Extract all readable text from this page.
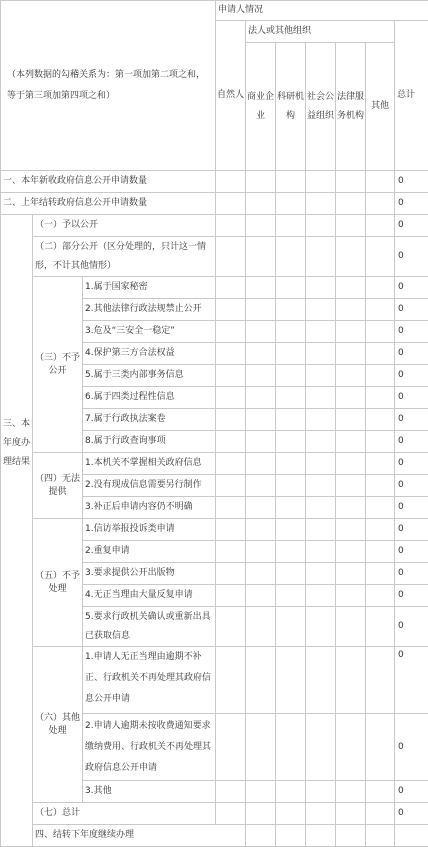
（本列数据的勾稽关系为：第一项加第二项之和，等于第三项加第四项之和）			申请人情况							
			自然人	法人或其他组织					总计	
				商业企业	科研机构	社会公益组织	法律服务机构	其他		
一、本年新收政府信息公开申请数量									0	
二、上年结转政府信息公开申请数量									0	
三、本年度办理结果	（一）予以公开								0	
	（二）部分公开（区分处理的，只计这一情形，不计其他情形）								0	
	（三）不予公开	1.属于国家秘密							0	
		2.其他法律行政法规禁止公开							0	
		3.危及“三安全一稳定”							0	
		4.保护第三方合法权益							0	
		5.属于三类内部事务信息							0	
		6.属于四类过程性信息							0	
		7.属于行政执法案卷							0	
		8.属于行政查询事项							0	
	（四）无法提供	1.本机关不掌握相关政府信息							0	
		2.没有现成信息需要另行制作							0	
		3.补正后申请内容仍不明确							0	
	（五）不予处理	1.信访举报投诉类申请							0	
		2.重复申请							0	
		3.要求提供公开出版物							0	
		4.无正当理由大量反复申请							0	
		5.要求行政机关确认或重新出具已获取信息							0	
	（六）其他处理	1.申请人无正当理由逾期不补正、行政机关不再处理其政府信息公开申请							0	
		2.申请人逾期未按收费通知要求缴纳费用、行政机关不再处理其政府信息公开申请							0	
		3.其他							0	
	（七）总计								0	
	四、结转下年度继续办理									
